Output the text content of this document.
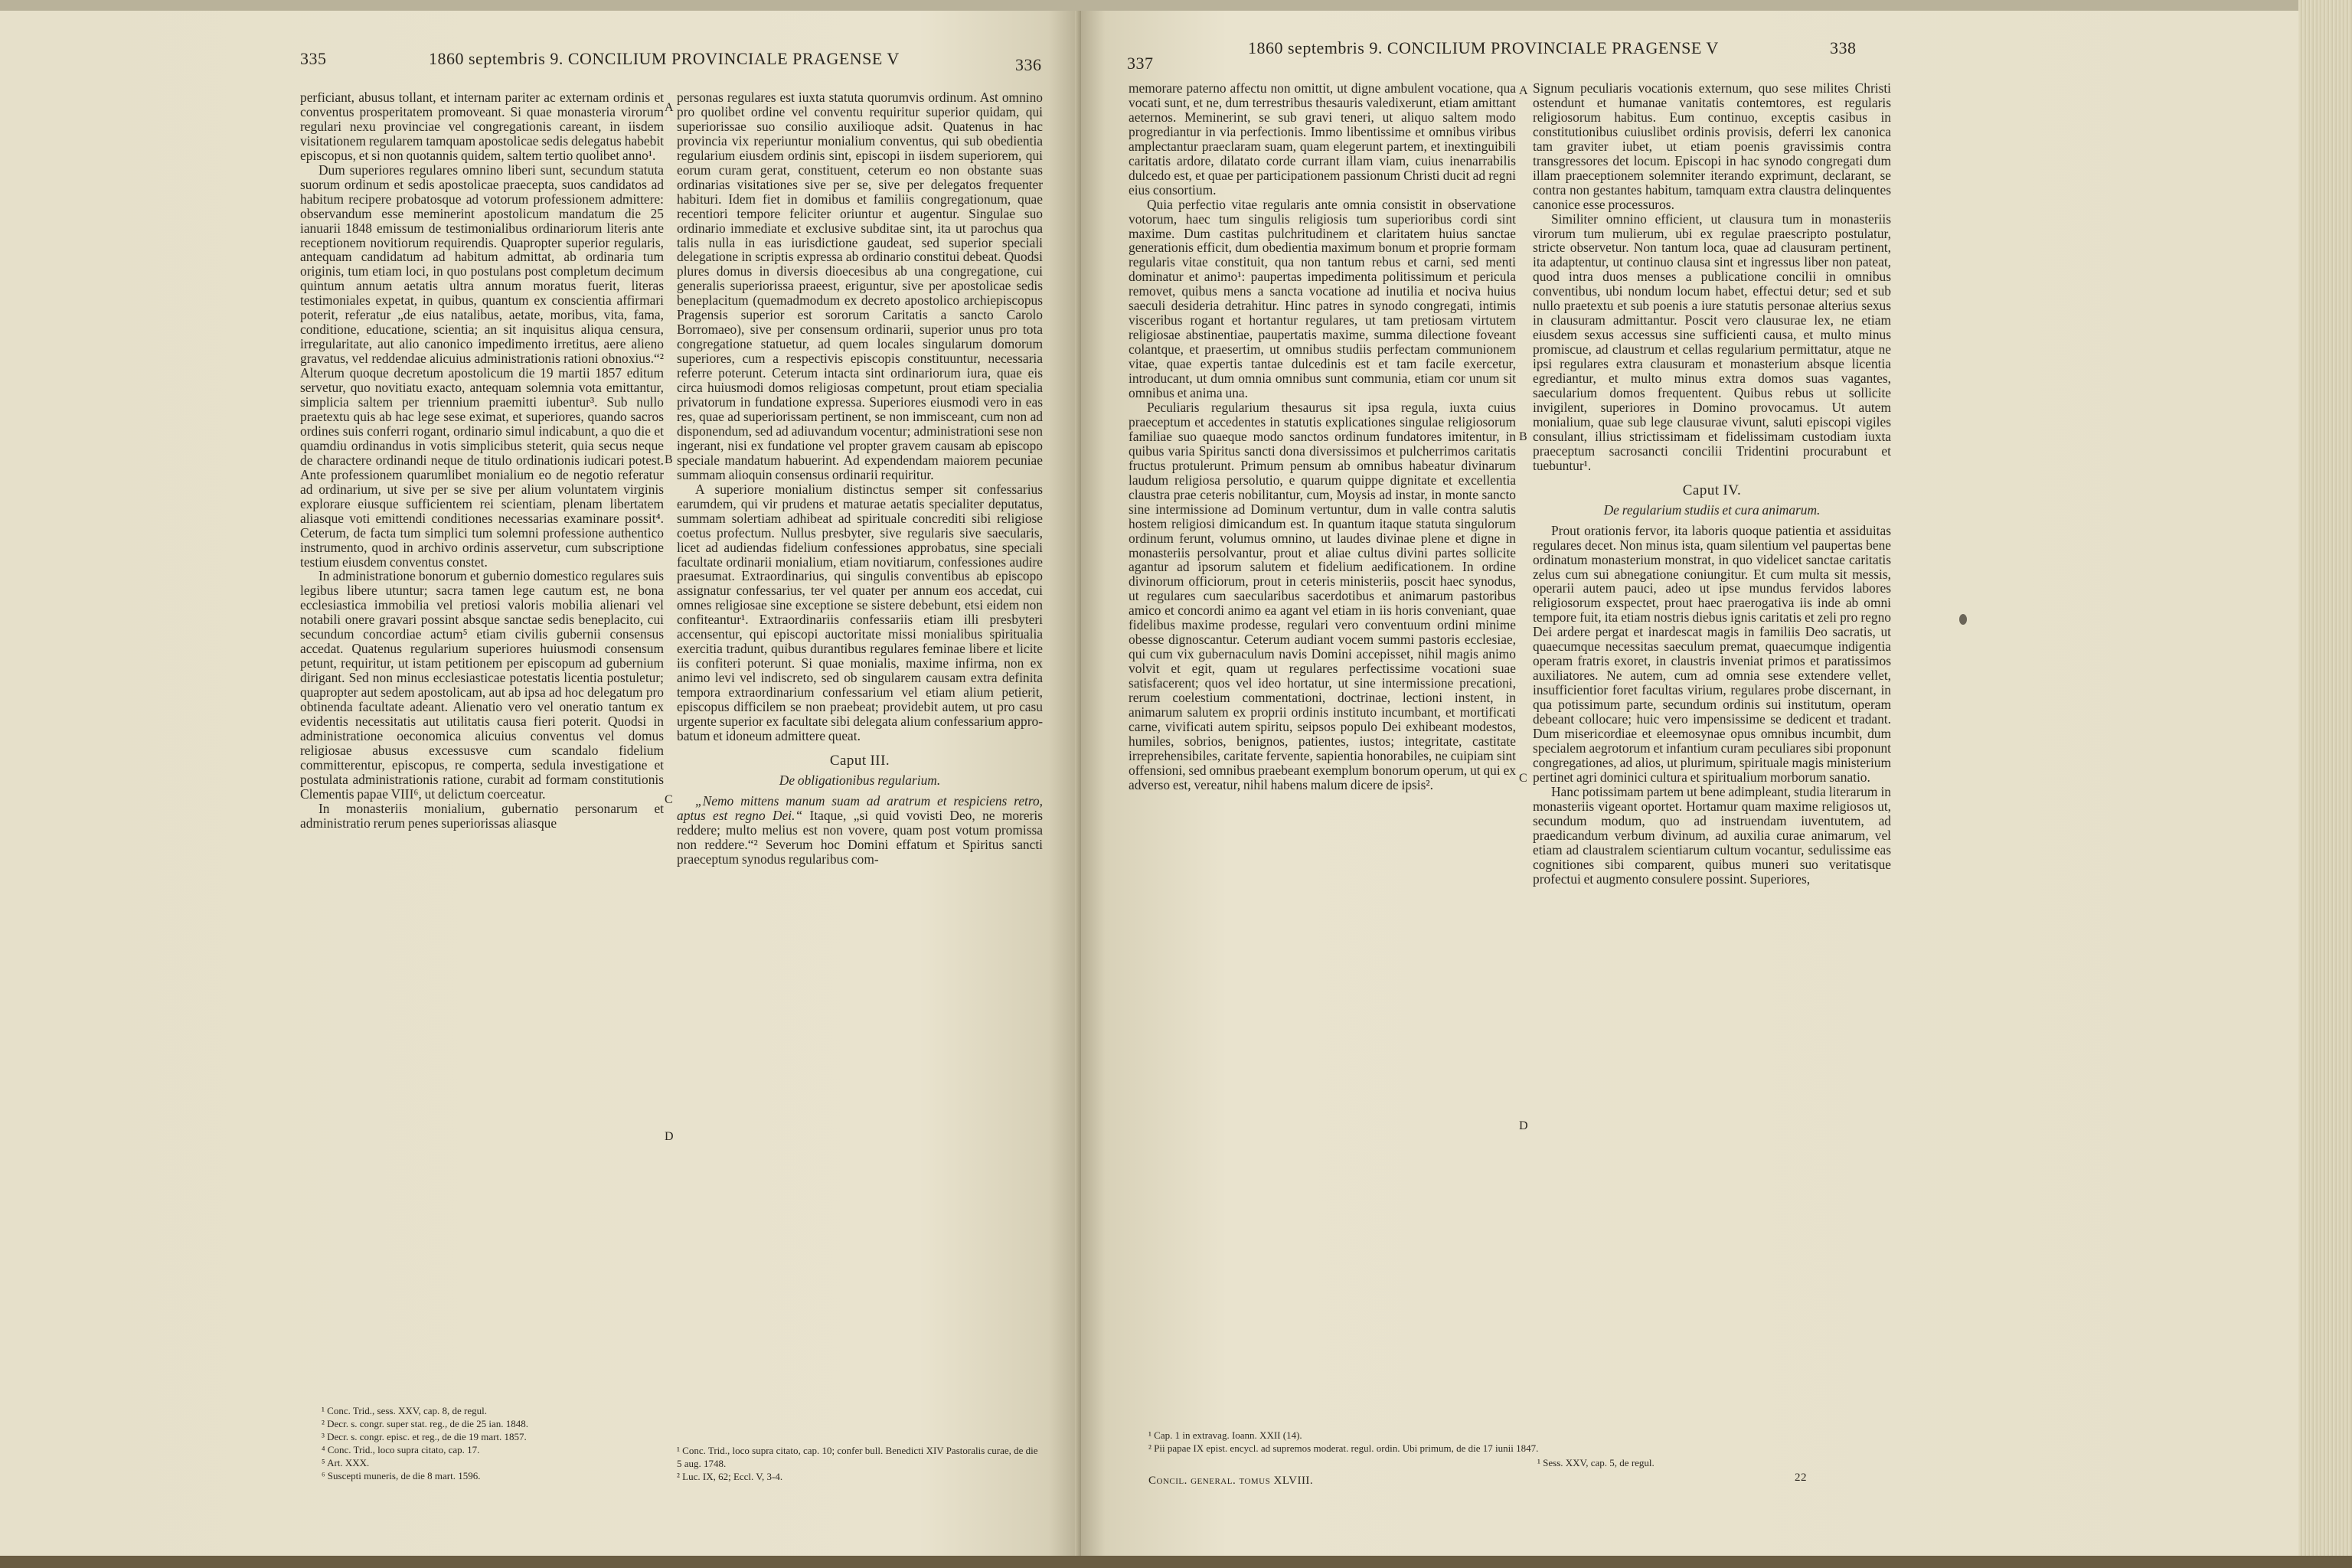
335	1860 septembris 9. CONCILIUM PROVINCIALE PRAGENSE V	336

perficiant, abusus tollant, et internam pariter ac externam ordinis et conventus prosperitatem promoveant. Si quae monasteria virorum regulari nexu provinciae vel congregationis careant, in iisdem visitationem regularem tamquam apostolicae sedis delegatus habebit episcopus, et si non quotannis quidem, saltem tertio quolibet anno¹.

Dum superiores regulares omnino liberi sunt, secundum statuta suorum ordinum et sedis apostolicae praecepta, suos candidatos ad habitum recipere probatosque ad votorum professionem admittere: observandum esse meminerint apostolicum mandatum die 25 ianuarii 1848 emissum de testimonialibus ordinariorum literis ante receptionem novitiorum requirendis. Quapropter superior regularis, antequam candidatum ad habitum admittat, ab ordinaria tum originis, tum etiam loci, in quo postulans post completum decimum quintum annum aetatis ultra annum moratus fuerit, literas testimoniales expetat, in quibus, quantum ex conscientia affirmari poterit, referatur „de eius natalibus, aetate, moribus, vita, fama, conditione, educatione, scientia; an sit inquisitus aliqua censura, irregularitate, aut alio canonico impedimento irretitus, aere alieno gravatus, vel reddendae alicuius administrationis rationi obnoxius.“² Alterum quoque decretum apostolicum die 19 martii 1857 editum servetur, quo novitiatu exacto, antequam solemnia vota emittantur, simplicia saltem per triennium praemitti iubentur³. Sub nullo praetextu quis ab hac lege sese eximat, et superiores, quando sacros ordines suis conferri rogant, ordinario simul indicabunt, a quo die et quamdiu ordinandus in votis simplicibus steterit, quia secus neque de charactere ordinandi neque de titulo ordinationis iudicari potest. Ante professionem quarumlibet monialium eo de negotio referatur ad ordinarium, ut sive per se sive per alium voluntatem virginis explorare eiusque sufficientem rei scientiam, plenam libertatem aliasque voti emittendi conditiones necessarias examinare possit⁴. Ceterum, de facta tum simplici tum solemni professione authentico instrumento, quod in archivo ordinis asservetur, cum subscriptione testium eiusdem conventus constet.

In administratione bonorum et gubernio domestico regulares suis legibus libere utuntur; sacra tamen lege cautum est, ne bona ecclesiastica immobilia vel pretiosi valoris mobilia alienari vel notabili onere gravari possint absque sanctae sedis beneplacito, cui secundum concordiae actum⁵ etiam civilis gubernii consensus accedat. Quatenus regularium superiores huiusmodi consensum petunt, requiritur, ut istam petitionem per episcopum ad gubernium dirigant. Sed non minus ecclesiasticae potestatis licentia postuletur; quapropter aut sedem apostolicam, aut ab ipsa ad hoc delegatum pro obtinenda facultate adeant. Alienatio vero vel oneratio tantum ex evidentis necessitatis aut utilitatis causa fieri poterit. Quodsi in administratione oeconomica alicuius conventus vel domus religiosae abusus excessusve cum scandalo fidelium committerentur, episcopus, re comperta, sedula investigatione et postulata administrationis ratione, curabit ad formam constitutionis Clementis papae VIII⁶, ut delictum coerceatur.

In monasteriis monialium, gubernatio personarum et administratio rerum penes superiorissas aliasque

¹ Conc. Trid., sess. XXV, cap. 8, de regul.
² Decr. s. congr. super stat. reg., de die 25 ian. 1848.
³ Decr. s. congr. episc. et reg., de die 19 mart. 1857.
⁴ Conc. Trid., loco supra citato, cap. 17.
⁵ Art. XXX.
⁶ Suscepti muneris, de die 8 mart. 1596.
A
B
C
D

personas regulares est iuxta statuta quorumvis ordinum. Ast omnino pro quolibet ordine vel conventu requiritur superior quidam, qui superiorissae suo consilio auxilioque adsit. Quatenus in hac provincia vix reperiuntur monialium conventus, qui sub obedientia regularium eiusdem ordinis sint, episcopi in iisdem superiorem, qui eorum curam gerat, constituent, ceterum eo non obstante suas ordinarias visitationes sive per se, sive per delegatos frequenter habituri. Idem fiet in domibus et familiis congregationum, quae recentiori tempore feliciter oriuntur et augentur. Singulae suo ordinario immediate et exclusive subditae sint, ita ut parochus qua talis nulla in eas iurisdictione gaudeat, sed superior speciali delegatione in scriptis expressa ab ordinario constitui debeat. Quodsi plures domus in diversis dioecesibus ab una congregatione, cui generalis superiorissa praeest, eriguntur, sive per apostolicae sedis beneplacitum (quemadmodum ex decreto apostolico archiepiscopus Pragensis superior est sororum Caritatis a sancto Carolo Borromaeo), sive per consensum ordinarii, superior unus pro tota congregatione statuetur, ad quem locales singularum domorum superiores, cum a respectivis episcopis constituuntur, necessaria referre poterunt. Ceterum intacta sint ordinariorum iura, quae eis circa huiusmodi domos religiosas competunt, prout etiam specialia privatorum in fundatione expressa. Superiores eiusmodi vero in eas res, quae ad superiorissam pertinent, se non immisceant, cum non ad disponendum, sed ad adiuvandum vocentur; administrationi sese non ingerant, nisi ex fundatione vel propter gravem causam ab episcopo speciale mandatum habuerint. Ad expendendam maiorem pecuniae summam alioquin consensus ordinarii requiritur.

A superiore monialium distinctus semper sit confessarius earumdem, qui vir prudens et maturae aetatis specialiter deputatus, summam solertiam adhibeat ad spirituale concrediti sibi religiose coetus profectum. Nullus presbyter, sive regularis sive saecularis, licet ad audiendas fidelium confessiones approbatus, sine speciali facultate ordinarii monialium, etiam novitiarum, confessiones audire praesumat. Extraordinarius, qui singulis conventibus ab episcopo assignatur confessarius, ter vel quater per annum eos accedat, cui omnes religiosae sine exceptione se sistere debebunt, etsi eidem non confiteantur¹. Extraordinariis confessariis etiam illi presbyteri accensentur, qui episcopi auctoritate missi monialibus spiritualia exercitia tradunt, quibus durantibus regulares feminae libere et licite iis confiteri poterunt. Si quae monialis, maxime infirma, non ex animo levi vel indiscreto, sed ob singularem causam extra definita tempora extraordinarium confessarium vel etiam alium petierit, episcopus difficilem se non praebeat; providebit autem, ut pro casu urgente superior ex facultate sibi delegata alium confessarium approbatum et idoneum admittere queat.

Caput III.
De obligationibus regularium.

„Nemo mittens manum suam ad aratrum et respiciens retro, aptus est regno Dei.“ Itaque, „si quid vovisti Deo, ne moreris reddere; multo melius est non vovere, quam post votum promissa non reddere.“² Severum hoc Domini effatum et Spiritus sancti praeceptum synodus regularibus com-

¹ Conc. Trid., loco supra citato, cap. 10; confer bull. Benedicti XIV Pastoralis curae, de die 5 aug. 1748.
² Luc. IX, 62; Eccl. V, 3-4.
337
1860 septembris 9. CONCILIUM PROVINCIALE PRAGENSE V	338

memorare paterno affectu non omittit, ut digne ambulent vocatione, qua vocati sunt, et ne, dum terrestribus thesauris valedixerunt, etiam amittant aeternos. Meminerint, se sub gravi teneri, ut aliquo saltem modo progrediantur in via perfectionis. Immo libentissime et omnibus viribus amplectantur praeclaram suam, quam elegerunt partem, et inextinguibili caritatis ardore, dilatato corde currant illam viam, cuius inenarrabilis dulcedo est, et quae per participationem passionum Christi ducit ad regni eius consortium.

Quia perfectio vitae regularis ante omnia consistit in observatione votorum, haec tum singulis religiosis tum superioribus cordi sint maxime. Dum castitas pulchritudinem et claritatem huius sanctae generationis efficit, dum obedientia maximum bonum et proprie formam regularis vitae constituit, qua non tantum rebus et carni, sed menti dominatur et animo¹: paupertas impedimenta politissimum et pericula removet, quibus mens a sancta vocatione ad inutilia et nociva huius saeculi desideria detrahitur. Hinc patres in synodo congregati, intimis visceribus rogant et hortantur regulares, ut tam pretiosam virtutem religiosae abstinentiae, paupertatis maxime, summa dilectione foveant colantque, et praesertim, ut omnibus studiis perfectam communionem vitae, quae expertis tantae dulcedinis est et tam facile exercetur, introducant, ut dum omnia omnibus sunt communia, etiam cor unum sit omnibus et anima una.

Peculiaris regularium thesaurus sit ipsa regula, iuxta cuius praeceptum et accedentes in statutis explicationes singulae religiosorum familiae suo quaeque modo sanctos ordinum fundatores imitentur, in quibus varia Spiritus sancti dona diversissimos et pulcherrimos caritatis fructus protulerunt. Primum pensum ab omnibus habeatur divinarum laudum religiosa persolutio, e quarum quippe dignitate et excellentia claustra prae ceteris nobilitantur, cum, Moysis ad instar, in monte sancto sine intermissione ad Dominum vertuntur, dum in valle contra salutis hostem religiosi dimicandum est. In quantum itaque statuta singulorum ordinum ferunt, volumus omnino, ut laudes divinae plene et digne in monasteriis persolvantur, prout et aliae cultus divini partes sollicite agantur ad ipsorum salutem et fidelium aedificationem. In ordine divinorum officiorum, prout in ceteris ministeriis, poscit haec synodus, ut regulares cum saecularibus sacerdotibus et animarum pastoribus amico et concordi animo ea agant vel etiam in iis horis conveniant, quae fidelibus maxime prodesse, regulari vero conventuum ordini minime obesse dignoscantur. Ceterum audiant vocem summi pastoris ecclesiae, qui cum vix gubernaculum navis Domini accepisset, nihil magis animo volvit et egit, quam ut regulares perfectissime vocationi suae satisfacerent; quos vel ideo hortatur, ut sine intermissione precationi, rerum coelestium commentationi, doctrinae, lectioni instent, in animarum salutem ex proprii ordinis instituto incumbant, et mortificati carne, vivificati autem spiritu, seipsos populo Dei exhibeant modestos, humiles, sobrios, benignos, patientes, iustos; integritate, castitate irreprehensibiles, caritate fervente, sapientia honorabiles, ne cuipiam sint offensioni, sed omnibus praebeant exemplum bonorum operum, ut qui ex adverso est, vereatur, nihil habens malum dicere de ipsis².

¹ Cap. 1 in extravag. Ioann. XXII (14).
² Pii papae IX epist. encycl. ad supremos moderat. regul. ordin. Ubi primum, de die 17 iunii 1847.
Concil. general. tomus XLVIII.
A
B
C
D

Signum peculiaris vocationis externum, quo sese milites Christi ostendunt et humanae vanitatis contemtores, est regularis religiosorum habitus. Eum continuo, exceptis casibus in constitutionibus cuiuslibet ordinis provisis, deferri lex canonica tam graviter iubet, ut etiam poenis gravissimis contra transgressores det locum. Episcopi in hac synodo congregati dum illam praeceptionem solemniter iterando exprimunt, declarant, se contra non gestantes habitum, tamquam extra claustra delinquentes canonice esse processuros.

Similiter omnino efficient, ut clausura tum in monasteriis virorum tum mulierum, ubi ex regulae praescripto postulatur, stricte observetur. Non tantum loca, quae ad clausuram pertinent, ita adaptentur, ut continuo clausa sint et ingressus liber non pateat, quod intra duos menses a publicatione concilii in omnibus conventibus, ubi nondum locum habet, effectui detur; sed et sub nullo praetextu et sub poenis a iure statutis personae alterius sexus in clausuram admittantur. Poscit vero clausurae lex, ne etiam eiusdem sexus accessus sine sufficienti causa, et multo minus promiscue, ad claustrum et cellas regularium permittatur, atque ne ipsi regulares extra clausuram et monasterium absque licentia egrediantur, et multo minus extra domos suas vagantes, saecularium domos frequentent. Quibus rebus ut sollicite invigilent, superiores in Domino provocamus. Ut autem monialium, quae sub lege clausurae vivunt, saluti episcopi vigiles consulant, illius strictissimam et fidelissimam custodiam iuxta praeceptum sacrosancti concilii Tridentini procurabunt et tuebuntur¹.

Caput IV.
De regularium studiis et cura animarum.

Prout orationis fervor, ita laboris quoque patientia et assiduitas regulares decet. Non minus ista, quam silentium vel paupertas bene ordinatum monasterium monstrat, in quo videlicet sanctae caritatis zelus cum sui abnegatione coniungitur. Et cum multa sit messis, operarii autem pauci, adeo ut ipse mundus fervidos labores religiosorum exspectet, prout haec praerogativa iis inde ab omni tempore fuit, ita etiam nostris diebus ignis caritatis et zeli pro regno Dei ardere pergat et inardescat magis in familiis Deo sacratis, ut quaecumque necessitas saeculum premat, quaecumque indigentia operam fratris exoret, in claustris inveniat primos et paratissimos auxiliatores. Ne autem, cum ad omnia sese extendere vellet, insufficientior foret facultas virium, regulares probe discernant, in qua potissimum parte, secundum ordinis sui institutum, operam debeant collocare; huic vero impensissime se dedicent et tradant. Dum misericordiae et eleemosynae opus omnibus incumbit, dum specialem aegrotorum et infantium curam peculiares sibi proponunt congregationes, ad alios, ut plurimum, spirituale magis ministerium pertinet agri dominici cultura et spiritualium morborum sanatio.

Hanc potissimam partem ut bene adimpleant, studia literarum in monasteriis vigeant oportet. Hortamur quam maxime religiosos ut, secundum modum, quo ad instruendam iuventutem, ad praedicandum verbum divinum, ad auxilia curae animarum, vel etiam ad claustralem scientiarum cultum vocantur, sedulissime eas cognitiones sibi comparent, quibus muneri suo veritatisque profectui et augmento consulere possint. Superiores,

¹ Sess. XXV, cap. 5, de regul.
22
